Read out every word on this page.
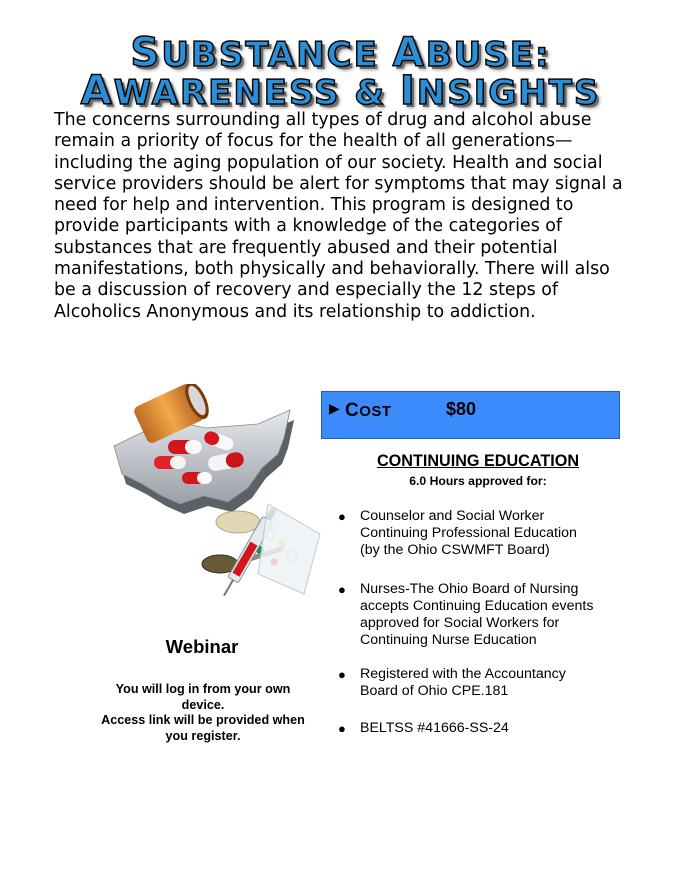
SUBSTANCE ABUSE:
AWARENESS & INSIGHTS

The concerns surrounding all types of drug and alcohol abuse remain a priority of focus for the health of all generations—including the aging population of our society. Health and social service providers should be alert for symptoms that may signal a need for help and intervention. This program is designed to provide participants with a knowledge of the categories of substances that are frequently abused and their potential manifestations, both physically and behaviorally. There will also be a discussion of recovery and especially the 12 steps of Alcoholics Anonymous and its relationship to addiction.

Webinar
You will log in from your own
device.
Access link will be provided when
you register.
▶ COST	$80
CONTINUING EDUCATION
6.0 Hours approved for:
● Counselor and Social Worker
Continuing Professional Education
(by the Ohio CSWMFT Board)
● Nurses-The Ohio Board of Nursing
accepts Continuing Education events
approved for Social Workers for
Continuing Nurse Education
● Registered with the Accountancy
Board of Ohio CPE.181
● BELTSS #41666-SS-24
